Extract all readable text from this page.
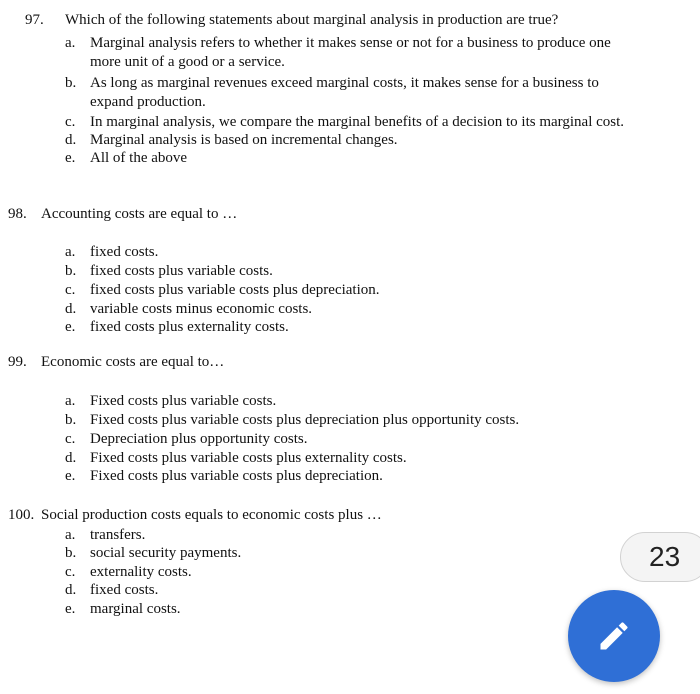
97. Which of the following statements about marginal analysis in production are true?
a. Marginal analysis refers to whether it makes sense or not for a business to produce one
more unit of a good or a service.
b. As long as marginal revenues exceed marginal costs, it makes sense for a business to
expand production.
c. In marginal analysis, we compare the marginal benefits of a decision to its marginal cost.
d. Marginal analysis is based on incremental changes.
e. All of the above
98. Accounting costs are equal to …
a. fixed costs.
b. fixed costs plus variable costs.
c. fixed costs plus variable costs plus depreciation.
d. variable costs minus economic costs.
e. fixed costs plus externality costs.
99. Economic costs are equal to…
a. Fixed costs plus variable costs.
b. Fixed costs plus variable costs plus depreciation plus opportunity costs.
c. Depreciation plus opportunity costs.
d. Fixed costs plus variable costs plus externality costs.
e. Fixed costs plus variable costs plus depreciation.
100. Social production costs equals to economic costs plus …
a. transfers.
b. social security payments.
c. externality costs.
d. fixed costs.
e. marginal costs.
23
